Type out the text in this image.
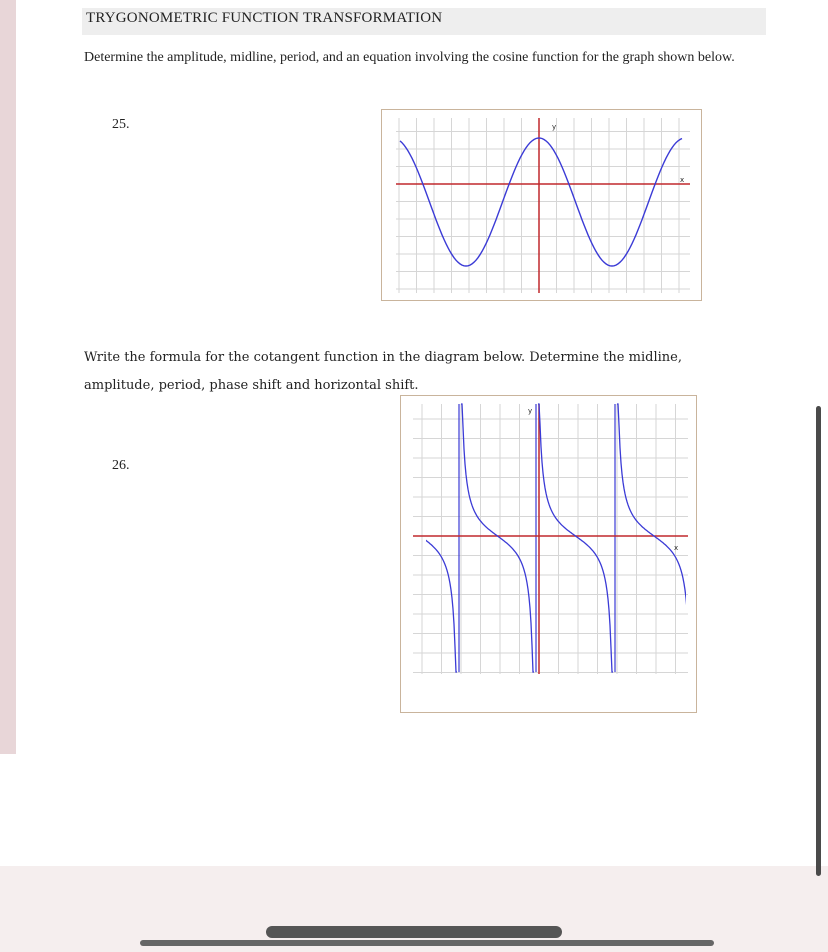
TRYGONOMETRIC FUNCTION TRANSFORMATION
Determine the amplitude, midline, period, and an equation involving the cosine function for the graph shown below.
25.	y
x
Write the formula for the cotangent function in the diagram below. Determine the midline, amplitude, period, phase shift and horizontal shift.
26.
y
x
